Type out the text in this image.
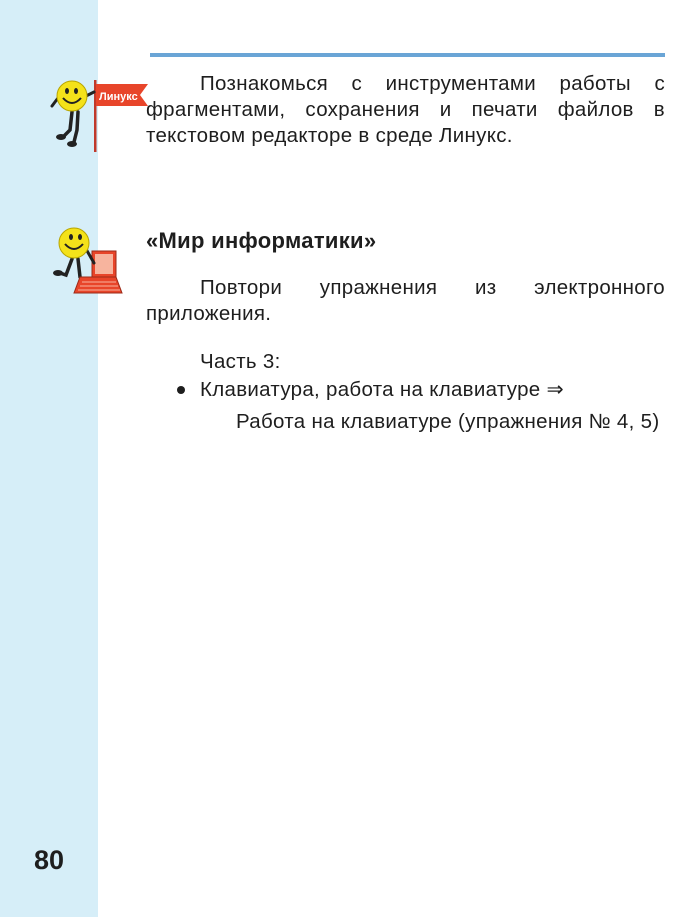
Линукс

Познакомься с инструментами работы с фрагментами, сохранения и печати файлов в текстовом редакторе в среде Линукс.

«Мир информатики»

Повтори упражнения из электронного приложения.

Часть 3:
Клавиатура, работа на клавиатуре ⇒

Работа на клавиатуре (упражнения № 4, 5)

80
